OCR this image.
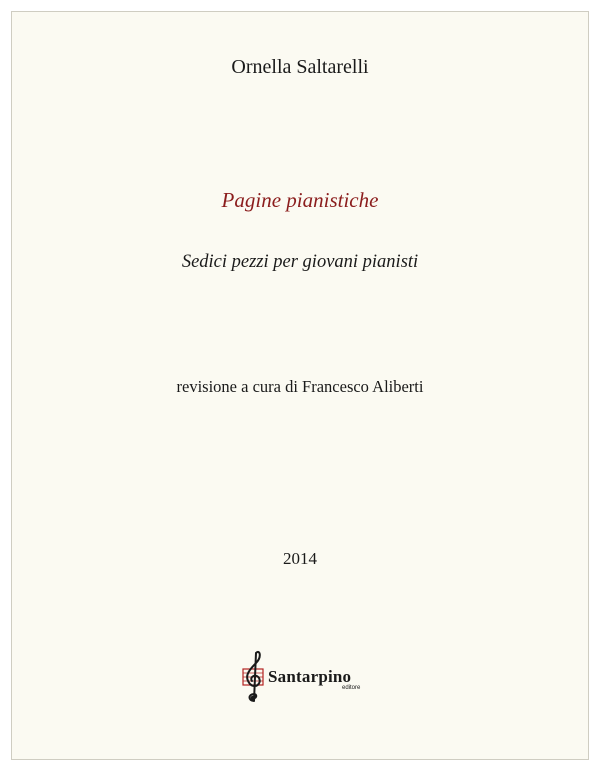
Ornella Saltarelli
Pagine pianistiche
Sedici pezzi per giovani pianisti
revisione a cura di Francesco Aliberti
2014
Santarpino
editore
